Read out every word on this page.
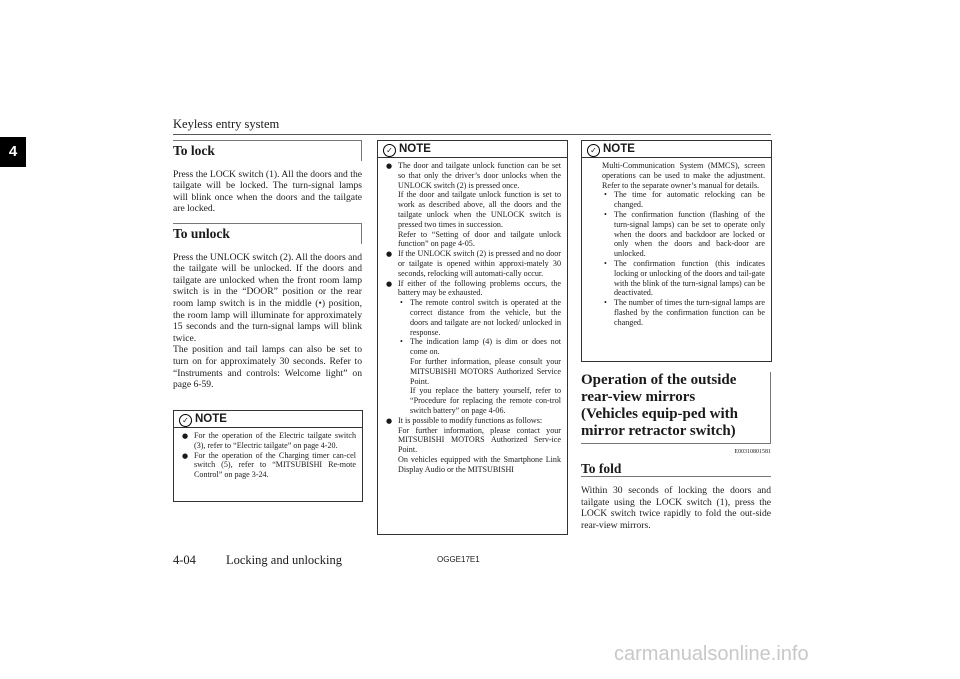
Keyless entry system
4	To lock

Press the LOCK switch (1). All the doors and the tailgate will be locked. The turn-signal lamps will blink once when the doors and the tailgate are locked.

To unlock

Press the UNLOCK switch (2). All the doors and the tailgate will be unlocked. If the doors and tailgate are unlocked when the front room lamp switch is in the “DOOR” position or the rear room lamp switch is in the middle (•) position, the room lamp will illuminate for approximately 15 seconds and the turn-signal lamps will blink twice.

The position and tail lamps can also be set to turn on for approximately 30 seconds. Refer to “Instruments and controls: Welcome light” on page 6-59.

✓ NOTE
● For the operation of the Electric tailgate switch (3), refer to “Electric tailgate” on page 4-20.
● For the operation of the Charging timer can-cel switch (5), refer to “MITSUBISHI Re-mote Control” on page 3-24.
✓ NOTE
● The door and tailgate unlock function can be set so that only the driver’s door unlocks when the UNLOCK switch (2) is pressed once.
If the door and tailgate unlock function is set to work as described above, all the doors and the tailgate unlock when the UNLOCK switch is pressed two times in succession.
Refer to “Setting of door and tailgate unlock function” on page 4-05.
● If the UNLOCK switch (2) is pressed and no door or tailgate is opened within approxi-mately 30 seconds, relocking will automati-cally occur.
● If either of the following problems occurs, the battery may be exhausted.
• The remote control switch is operated at the correct distance from the vehicle, but the doors and tailgate are not locked/ unlocked in response.
• The indication lamp (4) is dim or does not come on.
For further information, please consult your MITSUBISHI MOTORS Authorized Service Point.
If you replace the battery yourself, refer to “Procedure for replacing the remote con-trol switch battery” on page 4-06.
● It is possible to modify functions as follows:
For further information, please contact your MITSUBISHI MOTORS Authorized Serv-ice Point.
On vehicles equipped with the Smartphone Link Display Audio or the MITSUBISHI
✓ NOTE
Multi-Communication System (MMCS), screen operations can be used to make the adjustment. Refer to the separate owner’s manual for details.
• The time for automatic relocking can be changed.
• The confirmation function (flashing of the turn-signal lamps) can be set to operate only when the doors and backdoor are locked or only when the doors and back-door are unlocked.
• The confirmation function (this indicates locking or unlocking of the doors and tail-gate with the blink of the turn-signal lamps) can be deactivated.
• The number of times the turn-signal lamps are flashed by the confirmation function can be changed.
Operation of the outside rear-view mirrors (Vehicles equip-ped with mirror retractor switch)
E00310801581
To fold

Within 30 seconds of locking the doors and tailgate using the LOCK switch (1), press the LOCK switch twice rapidly to fold the out-side rear-view mirrors.

4-04 Locking and unlocking	OGGE17E1
carmanualsonline.info
